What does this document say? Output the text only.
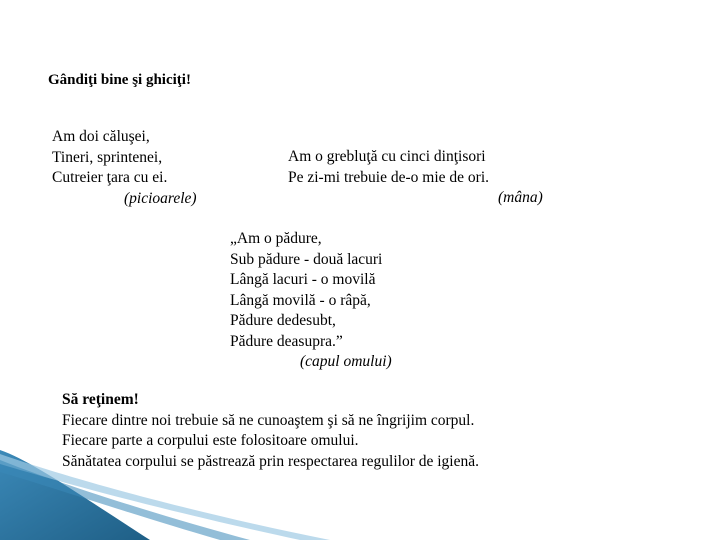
Gândiţi bine şi ghiciţi!
Am doi căluşei,
Tineri, sprintenei,
Cutreier ţara cu ei.
(picioarele)
Am o grebluţă cu cinci dinţisori
Pe zi-mi trebuie de-o mie de ori.
(mâna)
„Am o pădure,
Sub pădure - două lacuri
Lângă lacuri - o movilă
Lângă movilă - o râpă,
Pădure dedesubt,
Pădure deasupra.”
(capul omului)
Să reţinem!
Fiecare dintre noi trebuie să ne cunoaştem şi să ne îngrijim corpul.
Fiecare parte a corpului este folositoare omului.
Sănătatea corpului se păstrează prin respectarea regulilor de igienă.
